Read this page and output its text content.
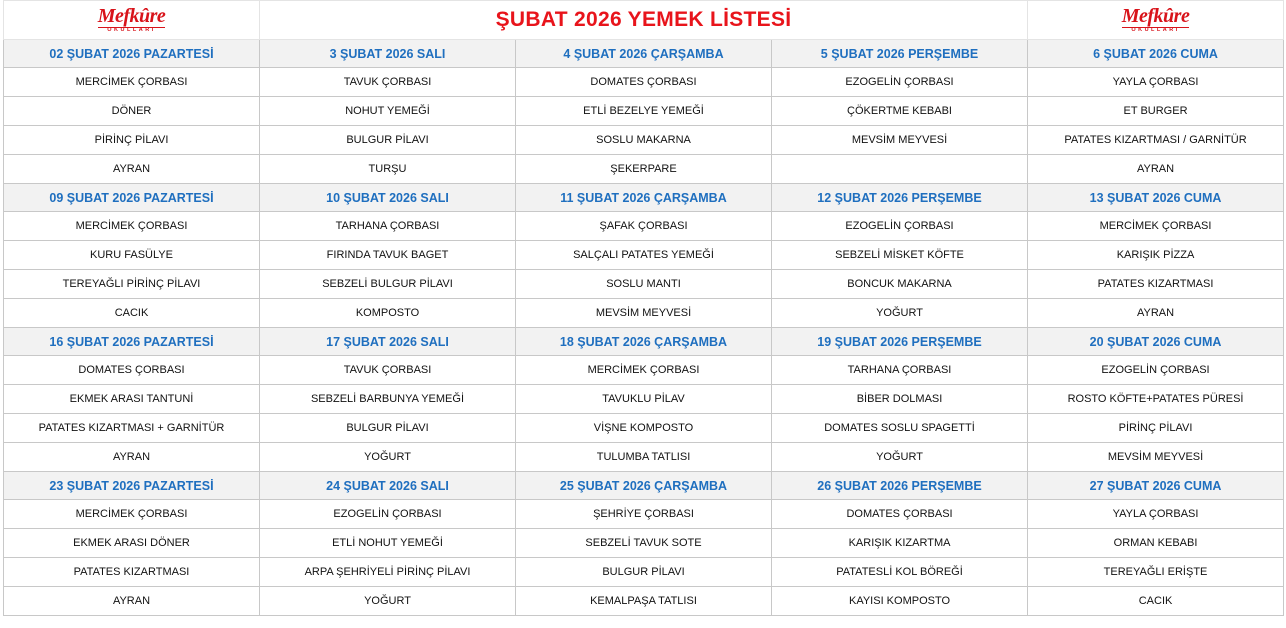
Mefkûre
OKULLARI	ŞUBAT 2026 YEMEK LİSTESİ			Mefkûre
OKULLARI

02 ŞUBAT 2026 PAZARTESİ	3 ŞUBAT 2026 SALI	4 ŞUBAT 2026 ÇARŞAMBA	5 ŞUBAT 2026 PERŞEMBE	6 ŞUBAT 2026 CUMA
MERCİMEK ÇORBASI	TAVUK ÇORBASI	DOMATES ÇORBASI	EZOGELİN ÇORBASI	YAYLA ÇORBASI
DÖNER	NOHUT YEMEĞİ	ETLİ BEZELYE YEMEĞİ	ÇÖKERTME KEBABI	ET BURGER
PİRİNÇ PİLAVI	BULGUR PİLAVI	SOSLU MAKARNA	MEVSİM MEYVESİ	PATATES KIZARTMASI / GARNİTÜR
AYRAN	TURŞU	ŞEKERPARE		AYRAN
09 ŞUBAT 2026 PAZARTESİ	10 ŞUBAT 2026 SALI	11 ŞUBAT 2026 ÇARŞAMBA	12 ŞUBAT 2026 PERŞEMBE	13 ŞUBAT 2026 CUMA
MERCİMEK ÇORBASI	TARHANA ÇORBASI	ŞAFAK ÇORBASI	EZOGELİN ÇORBASI	MERCİMEK ÇORBASI
KURU FASÜLYE	FIRINDA TAVUK BAGET	SALÇALI PATATES YEMEĞİ	SEBZELİ MİSKET KÖFTE	KARIŞIK PİZZA
TEREYAĞLI PİRİNÇ PİLAVI	SEBZELİ BULGUR PİLAVI	SOSLU MANTI	BONCUK MAKARNA	PATATES KIZARTMASI
CACIK	KOMPOSTO	MEVSİM MEYVESİ	YOĞURT	AYRAN
16 ŞUBAT 2026 PAZARTESİ	17 ŞUBAT 2026 SALI	18 ŞUBAT 2026 ÇARŞAMBA	19 ŞUBAT 2026 PERŞEMBE	20 ŞUBAT 2026 CUMA
DOMATES ÇORBASI	TAVUK ÇORBASI	MERCİMEK ÇORBASI	TARHANA ÇORBASI	EZOGELİN ÇORBASI
EKMEK ARASI TANTUNİ	SEBZELİ BARBUNYA YEMEĞİ	TAVUKLU PİLAV	BİBER DOLMASI	ROSTO KÖFTE+PATATES PÜRESİ
PATATES KIZARTMASI + GARNİTÜR	BULGUR PİLAVI	VİŞNE KOMPOSTO	DOMATES SOSLU SPAGETTİ	PİRİNÇ PİLAVI
AYRAN	YOĞURT	TULUMBA TATLISI	YOĞURT	MEVSİM MEYVESİ
23 ŞUBAT 2026 PAZARTESİ	24 ŞUBAT 2026 SALI	25 ŞUBAT 2026 ÇARŞAMBA	26 ŞUBAT 2026 PERŞEMBE	27 ŞUBAT 2026 CUMA
MERCİMEK ÇORBASI	EZOGELİN ÇORBASI	ŞEHRİYE ÇORBASI	DOMATES ÇORBASI	YAYLA ÇORBASI
EKMEK ARASI DÖNER	ETLİ NOHUT YEMEĞİ	SEBZELİ TAVUK SOTE	KARIŞIK KIZARTMA	ORMAN KEBABI
PATATES KIZARTMASI	ARPA ŞEHRİYELİ PİRİNÇ PİLAVI	BULGUR PİLAVI	PATATESLİ KOL BÖREĞİ	TEREYAĞLI ERİŞTE
AYRAN	YOĞURT	KEMALPAŞA TATLISI	KAYISI KOMPOSTO	CACIK
